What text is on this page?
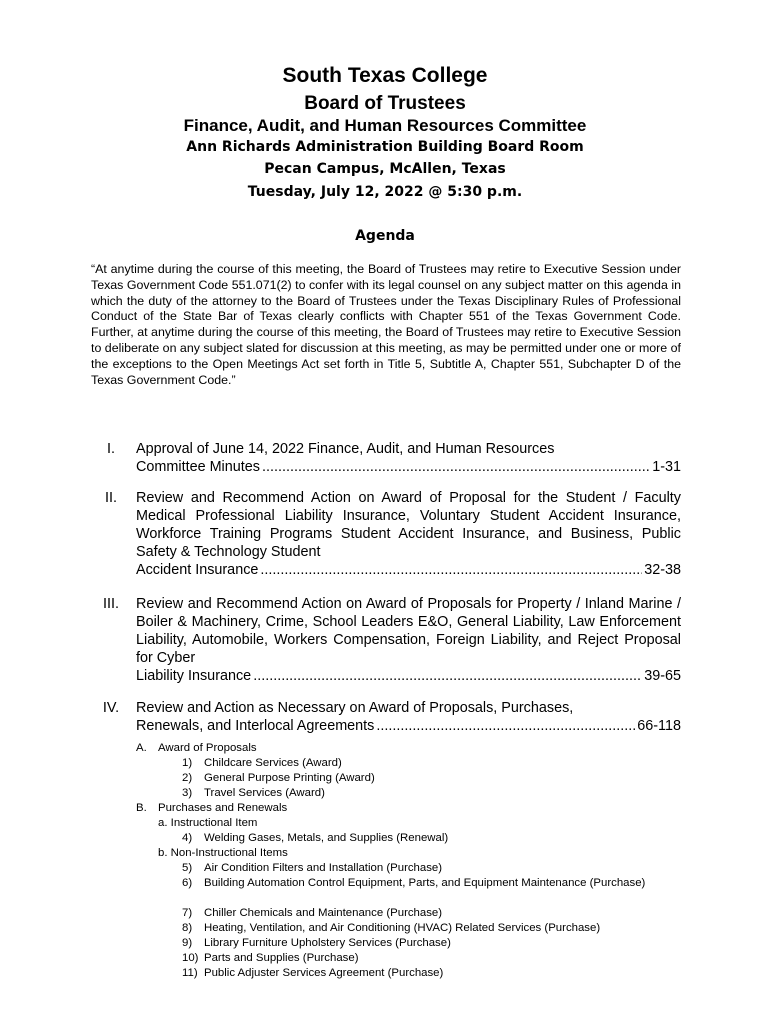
South Texas College
Board of Trustees
Finance, Audit, and Human Resources Committee
Ann Richards Administration Building Board Room
Pecan Campus, McAllen, Texas
Tuesday, July 12, 2022 @ 5:30 p.m.
Agenda
“At anytime during the course of this meeting, the Board of Trustees may retire to Executive Session under Texas Government Code 551.071(2) to confer with its legal counsel on any subject matter on this agenda in which the duty of the attorney to the Board of Trustees under the Texas Disciplinary Rules of Professional Conduct of the State Bar of Texas clearly conflicts with Chapter 551 of the Texas Government Code. Further, at anytime during the course of this meeting, the Board of Trustees may retire to Executive Session to deliberate on any subject slated for discussion at this meeting, as may be permitted under one or more of the exceptions to the Open Meetings Act set forth in Title 5, Subtitle A, Chapter 551, Subchapter D of the Texas Government Code.”
I.	Approval of June 14, 2022 Finance, Audit, and Human Resources
Committee Minutes .....	1-31
II.	Review and Recommend Action on Award of Proposal for the Student / Faculty Medical Professional Liability Insurance, Voluntary Student Accident Insurance, Workforce Training Programs Student Accident Insurance, and Business, Public Safety & Technology Student
Accident Insurance .....	32-38
III.	Review and Recommend Action on Award of Proposals for Property / Inland Marine / Boiler & Machinery, Crime, School Leaders E&O, General Liability, Law Enforcement Liability, Automobile, Workers Compensation, Foreign Liability, and Reject Proposal for Cyber
Liability Insurance .....	39-65
IV.	Review and Action as Necessary on Award of Proposals, Purchases,
Renewals, and Interlocal Agreements .....	66-118
A. Award of Proposals
1) Childcare Services (Award)
2) General Purpose Printing (Award)
3) Travel Services (Award)
B. Purchases and Renewals
a. Instructional Item
4) Welding Gases, Metals, and Supplies (Renewal)
b. Non-Instructional Items
5) Air Condition Filters and Installation (Purchase)
6)	Building Automation Control Equipment, Parts, and Equipment Maintenance (Purchase)
7) Chiller Chemicals and Maintenance (Purchase)
8) Heating, Ventilation, and Air Conditioning (HVAC) Related Services (Purchase)
9) Library Furniture Upholstery Services (Purchase)
10) Parts and Supplies (Purchase)
11) Public Adjuster Services Agreement (Purchase)
